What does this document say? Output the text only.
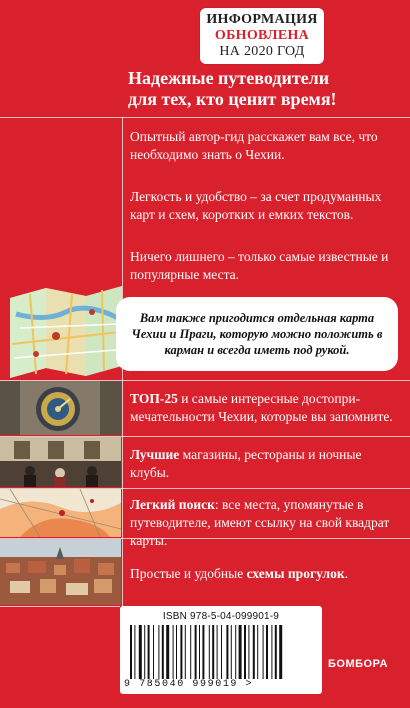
ИНФОРМАЦИЯ
ОБНОВЛЕНА
НА 2020 ГОД
Надежные путеводители
для тех, кто ценит время!
Опытный автор-гид расскажет вам все, что необходимо знать о Чехии.
Легкость и удобство – за счет продуманных карт и схем, коротких и емких текстов.
Ничего лишнего – только самые известные и популярные места.
Вам также пригодится отдельная карта Чехии и Праги, которую можно положить в карман и всегда иметь под рукой.
ТОП-25 и самые интересные достопри-мечательности Чехии, которые вы запомните.
Лучшие магазины, рестораны и ночные клубы.
Легкий поиск: все места, упомянутые в путеводителе, имеют ссылку на свой квадрат карты.
Простые и удобные схемы прогулок.
ISBN 978-5-04-099901-9
9 785040 999019 >
БОМБОРА
